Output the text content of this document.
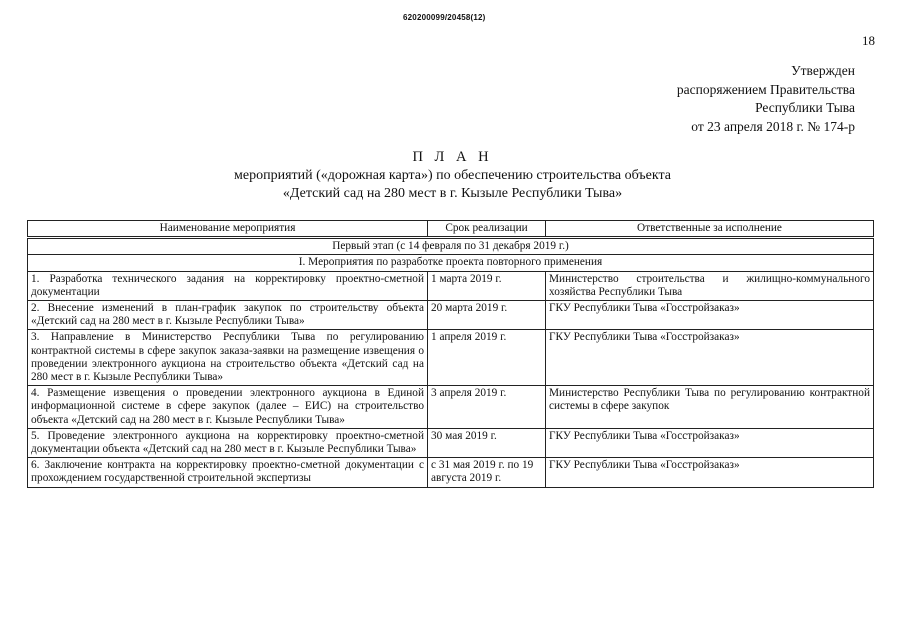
620200099/20458(12)
18
Утвержден
распоряжением Правительства
Республики Тыва
от 23 апреля 2018 г. № 174-р
П Л А Н
мероприятий («дорожная карта») по обеспечению строительства объекта
«Детский сад на 280 мест в г. Кызыле Республики Тыва»
Наименование мероприятия	Срок реализации	Ответственные за исполнение
Первый этап (с 14 февраля по 31 декабря 2019 г.)		
I. Мероприятия по разработке проекта повторного применения		
1. Разработка технического задания на корректировку проектно-сметной документации	1 марта 2019 г.	Министерство строительства и жилищно-коммунального хозяйства Республики Тыва
2. Внесение изменений в план-график закупок по строительству объекта «Детский сад на 280 мест в г. Кызыле Республики Тыва»	20 марта 2019 г.	ГКУ Республики Тыва «Госстройзаказ»
3. Направление в Министерство Республики Тыва по регулированию контрактной системы в сфере закупок заказа-заявки на размещение извещения о проведении электронного аукциона на строительство объекта «Детский сад на 280 мест в г. Кызыле Республики Тыва»	1 апреля 2019 г.	ГКУ Республики Тыва «Госстройзаказ»
4. Размещение извещения о проведении электронного аукциона в Единой информационной системе в сфере закупок (далее – ЕИС) на строительство объекта «Детский сад на 280 мест в г. Кызыле Республики Тыва»	3 апреля 2019 г.	Министерство Республики Тыва по регулированию контрактной системы в сфере закупок
5. Проведение электронного аукциона на корректировку проектно-сметной документации объекта «Детский сад на 280 мест в г. Кызыле Республики Тыва»	30 мая 2019 г.	ГКУ Республики Тыва «Госстройзаказ»
6. Заключение контракта на корректировку проектно-сметной документации с прохождением государственной строительной экспертизы	с 31 мая 2019 г. по 19 августа 2019 г.	ГКУ Республики Тыва «Госстройзаказ»
